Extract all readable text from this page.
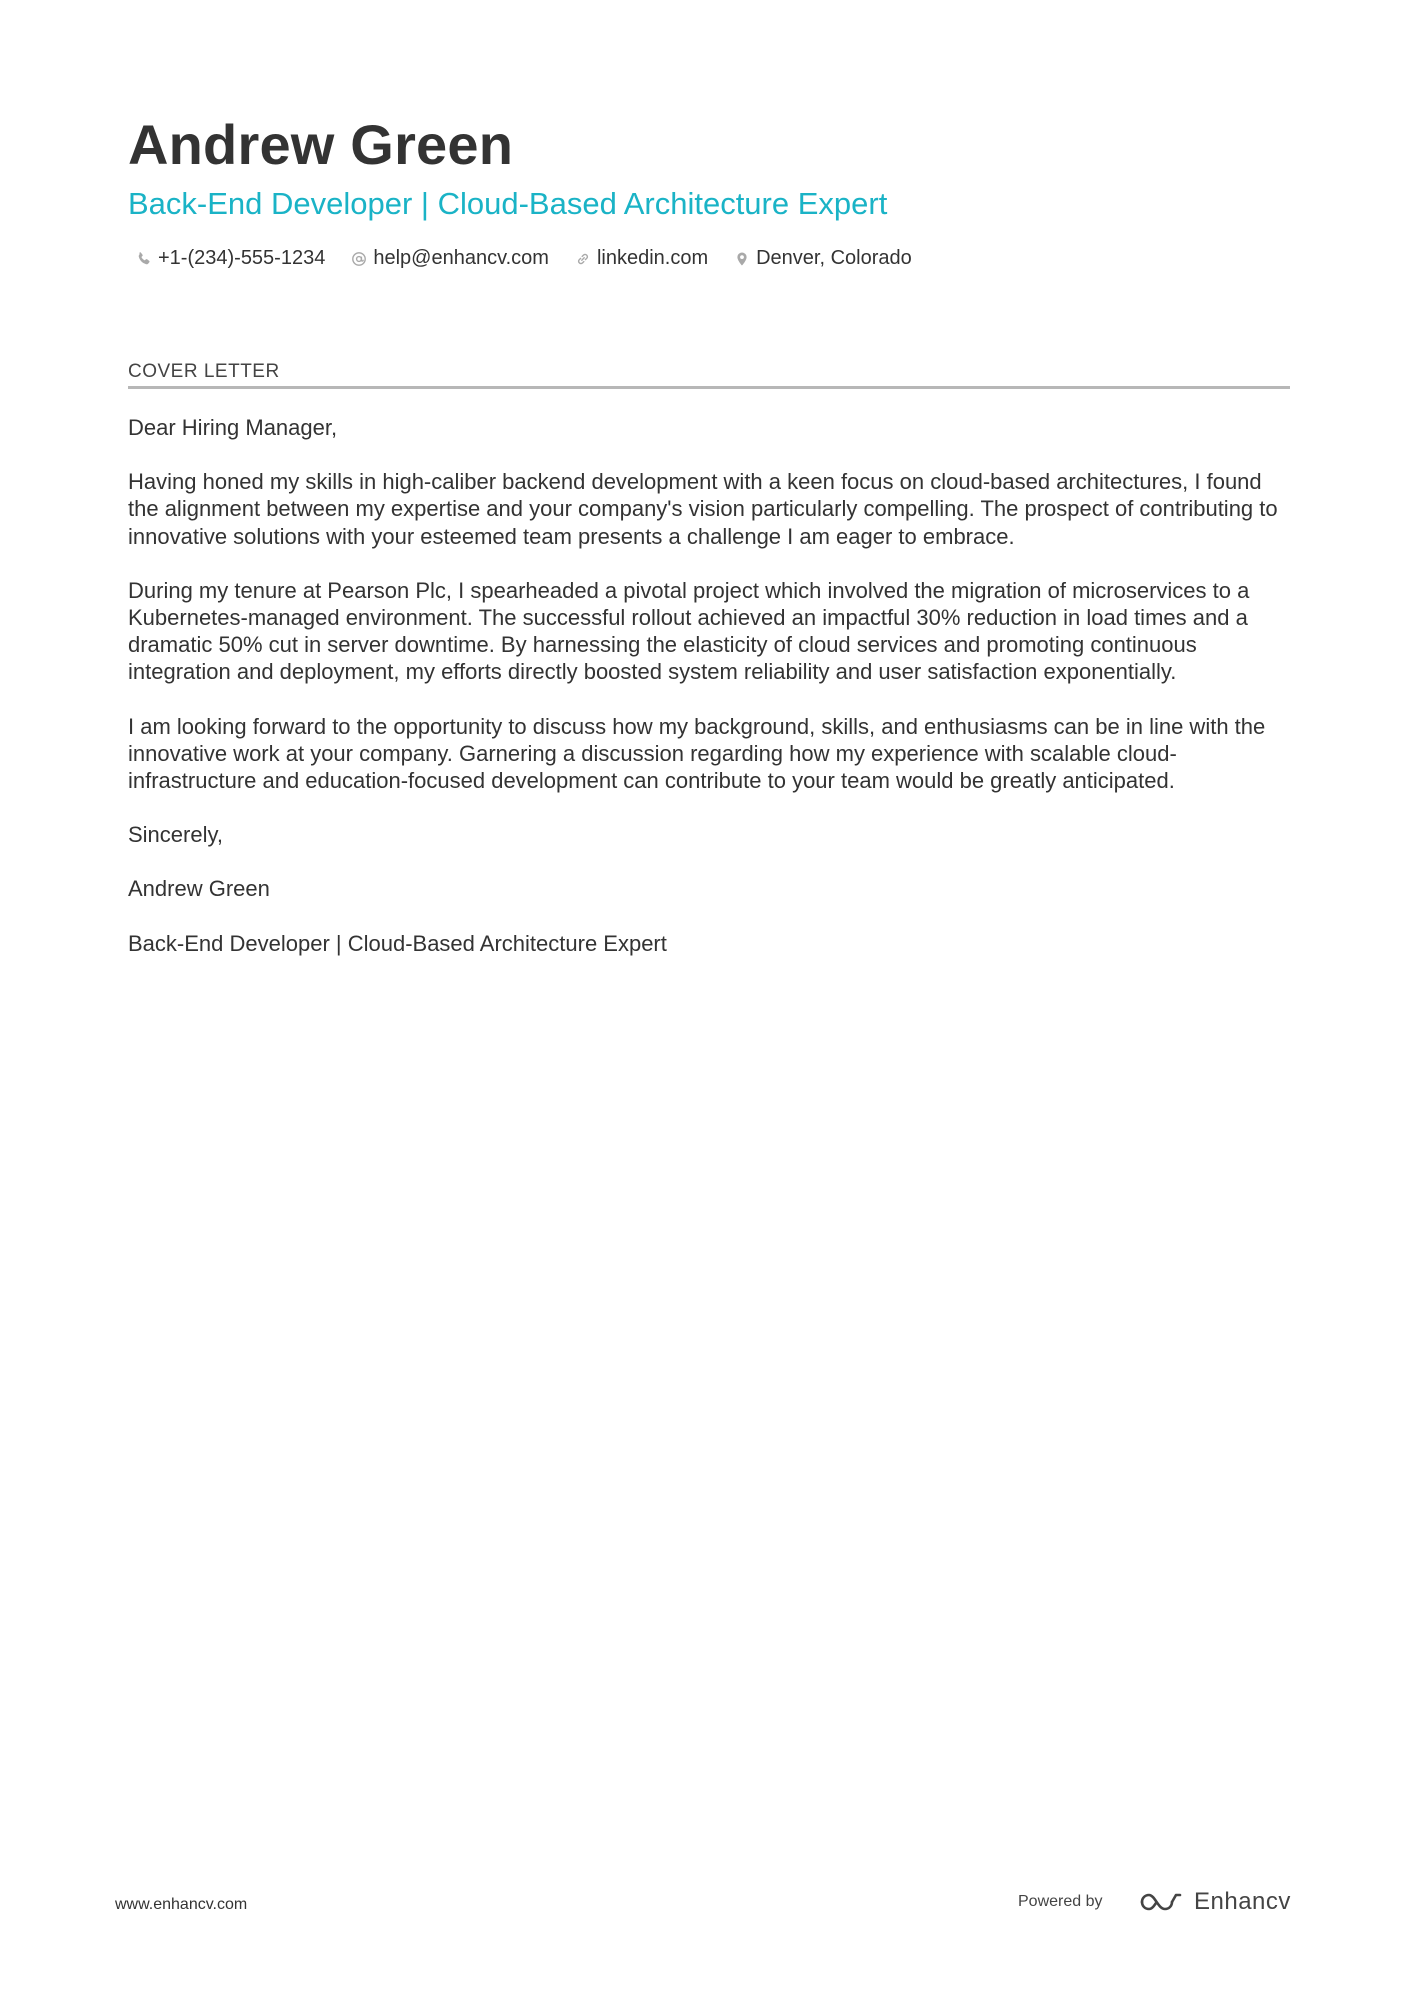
Andrew Green
Back-End Developer | Cloud-Based Architecture Expert
+1-(234)-555-1234 help@enhancv.com linkedin.com Denver, Colorado
COVER LETTER

Dear Hiring Manager,

Having honed my skills in high-caliber backend development with a keen focus on cloud-based architectures, I found the alignment between my expertise and your company's vision particularly compelling. The prospect of contributing to innovative solutions with your esteemed team presents a challenge I am eager to embrace.

During my tenure at Pearson Plc, I spearheaded a pivotal project which involved the migration of microservices to a Kubernetes-managed environment. The successful rollout achieved an impactful 30% reduction in load times and a dramatic 50% cut in server downtime. By harnessing the elasticity of cloud services and promoting continuous integration and deployment, my efforts directly boosted system reliability and user satisfaction exponentially.

I am looking forward to the opportunity to discuss how my background, skills, and enthusiasms can be in line with the innovative work at your company. Garnering a discussion regarding how my experience with scalable cloud-infrastructure and education-focused development can contribute to your team would be greatly anticipated.

Sincerely,

Andrew Green

Back-End Developer | Cloud-Based Architecture Expert

www.enhancv.com	Powered by	Enhancv
